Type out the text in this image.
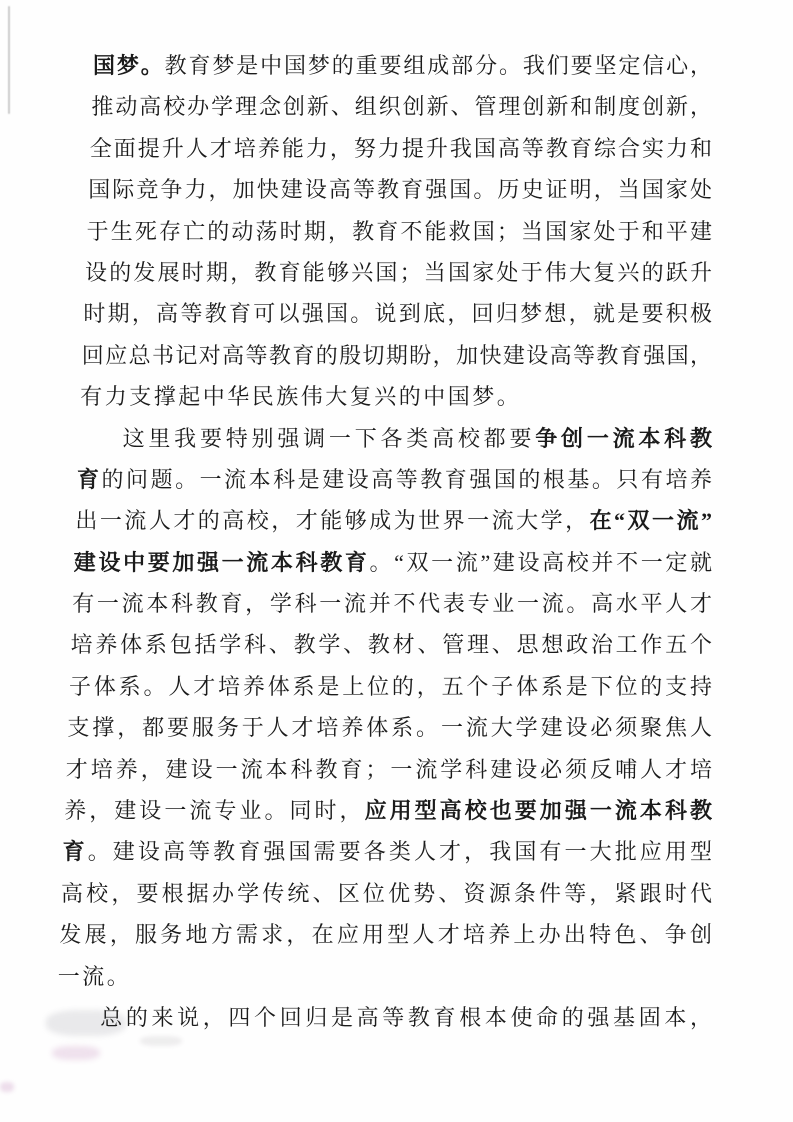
国梦。教育梦是中国梦的重要组成部分。我们要坚定信心，
推动高校办学理念创新、组织创新、管理创新和制度创新，
全面提升人才培养能力，努力提升我国高等教育综合实力和
国际竞争力，加快建设高等教育强国。历史证明，当国家处
于生死存亡的动荡时期，教育不能救国；当国家处于和平建
设的发展时期，教育能够兴国；当国家处于伟大复兴的跃升
时期，高等教育可以强国。说到底，回归梦想，就是要积极
回应总书记对高等教育的殷切期盼，加快建设高等教育强国，
有力支撑起中华民族伟大复兴的中国梦。
这里我要特别强调一下各类高校都要争创一流本科教
育的问题。一流本科是建设高等教育强国的根基。只有培养
出一流人才的高校，才能够成为世界一流大学，在“双一流”
建设中要加强一流本科教育。“双一流”建设高校并不一定就
有一流本科教育，学科一流并不代表专业一流。高水平人才
培养体系包括学科、教学、教材、管理、思想政治工作五个
子体系。人才培养体系是上位的，五个子体系是下位的支持
支撑，都要服务于人才培养体系。一流大学建设必须聚焦人
才培养，建设一流本科教育；一流学科建设必须反哺人才培
养，建设一流专业。同时，应用型高校也要加强一流本科教
育。建设高等教育强国需要各类人才，我国有一大批应用型
高校，要根据办学传统、区位优势、资源条件等，紧跟时代
发展，服务地方需求，在应用型人才培养上办出特色、争创
一流。
总的来说，四个回归是高等教育根本使命的强基固本，
